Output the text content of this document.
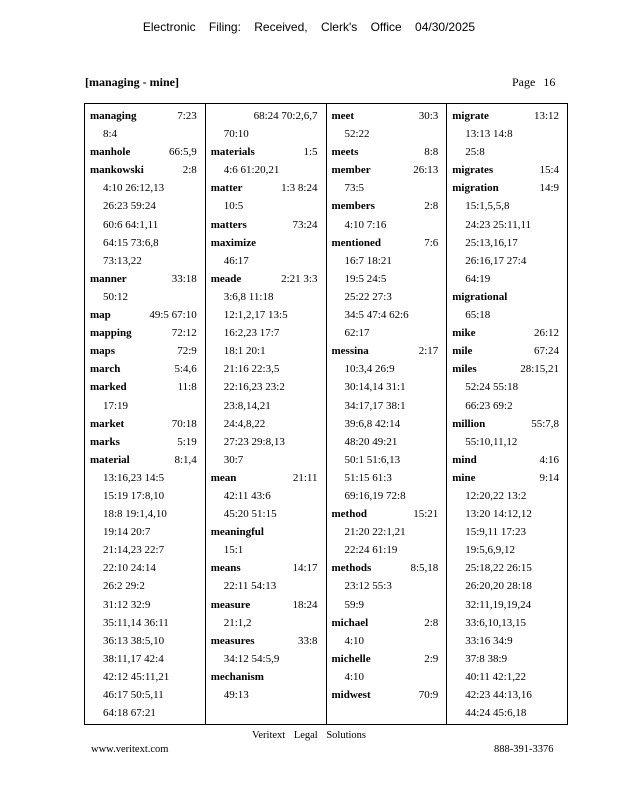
Electronic Filing: Received, Clerk's Office 04/30/2025
[managing - mine]	Page 16
managing	7:23
8:4
manhole	66:5,9
mankowski	2:8
4:10 26:12,13
26:23 59:24
60:6 64:1,11
64:15 73:6,8
73:13,22
manner	33:18
50:12
map	49:5 67:10
mapping	72:12
maps	72:9
march	5:4,6
marked	11:8
17:19
market	70:18
marks	5:19
material	8:1,4
13:16,23 14:5
15:19 17:8,10
18:8 19:1,4,10
19:14 20:7
21:14,23 22:7
22:10 24:14
26:2 29:2
31:12 32:9
35:11,14 36:11
36:13 38:5,10
38:11,17 42:4
42:12 45:11,21
46:17 50:5,11
64:18 67:21
68:24 70:2,6,7
70:10
materials	1:5
4:6 61:20,21
matter	1:3 8:24
10:5
matters	73:24
maximize
46:17
meade	2:21 3:3
3:6,8 11:18
12:1,2,17 13:5
16:2,23 17:7
18:1 20:1
21:16 22:3,5
22:16,23 23:2
23:8,14,21
24:4,8,22
27:23 29:8,13
30:7
mean	21:11
42:11 43:6
45:20 51:15
meaningful
15:1
means	14:17
22:11 54:13
measure	18:24
21:1,2
measures	33:8
34:12 54:5,9
mechanism
49:13
meet	30:3
52:22
meets	8:8
member	26:13
73:5
members	2:8
4:10 7:16
mentioned	7:6
16:7 18:21
19:5 24:5
25:22 27:3
34:5 47:4 62:6
62:17
messina	2:17
10:3,4 26:9
30:14,14 31:1
34:17,17 38:1
39:6,8 42:14
48:20 49:21
50:1 51:6,13
51:15 61:3
69:16,19 72:8
method	15:21
21:20 22:1,21
22:24 61:19
methods	8:5,18
23:12 55:3
59:9
michael	2:8
4:10
michelle	2:9
4:10
midwest	70:9
migrate	13:12
13:13 14:8
25:8
migrates	15:4
migration	14:9
15:1,5,5,8
24:23 25:11,11
25:13,16,17
26:16,17 27:4
64:19
migrational
65:18
mike	26:12
mile	67:24
miles	28:15,21
52:24 55:18
66:23 69:2
million	55:7,8
55:10,11,12
mind	4:16
mine	9:14
12:20,22 13:2
13:20 14:12,12
15:9,11 17:23
19:5,6,9,12
25:18,22 26:15
26:20,20 28:18
32:11,19,19,24
33:6,10,13,15
33:16 34:9
37:8 38:9
40:11 42:1,22
42:23 44:13,16
44:24 45:6,18
Veritext Legal Solutions
www.veritext.com	888-391-3376
